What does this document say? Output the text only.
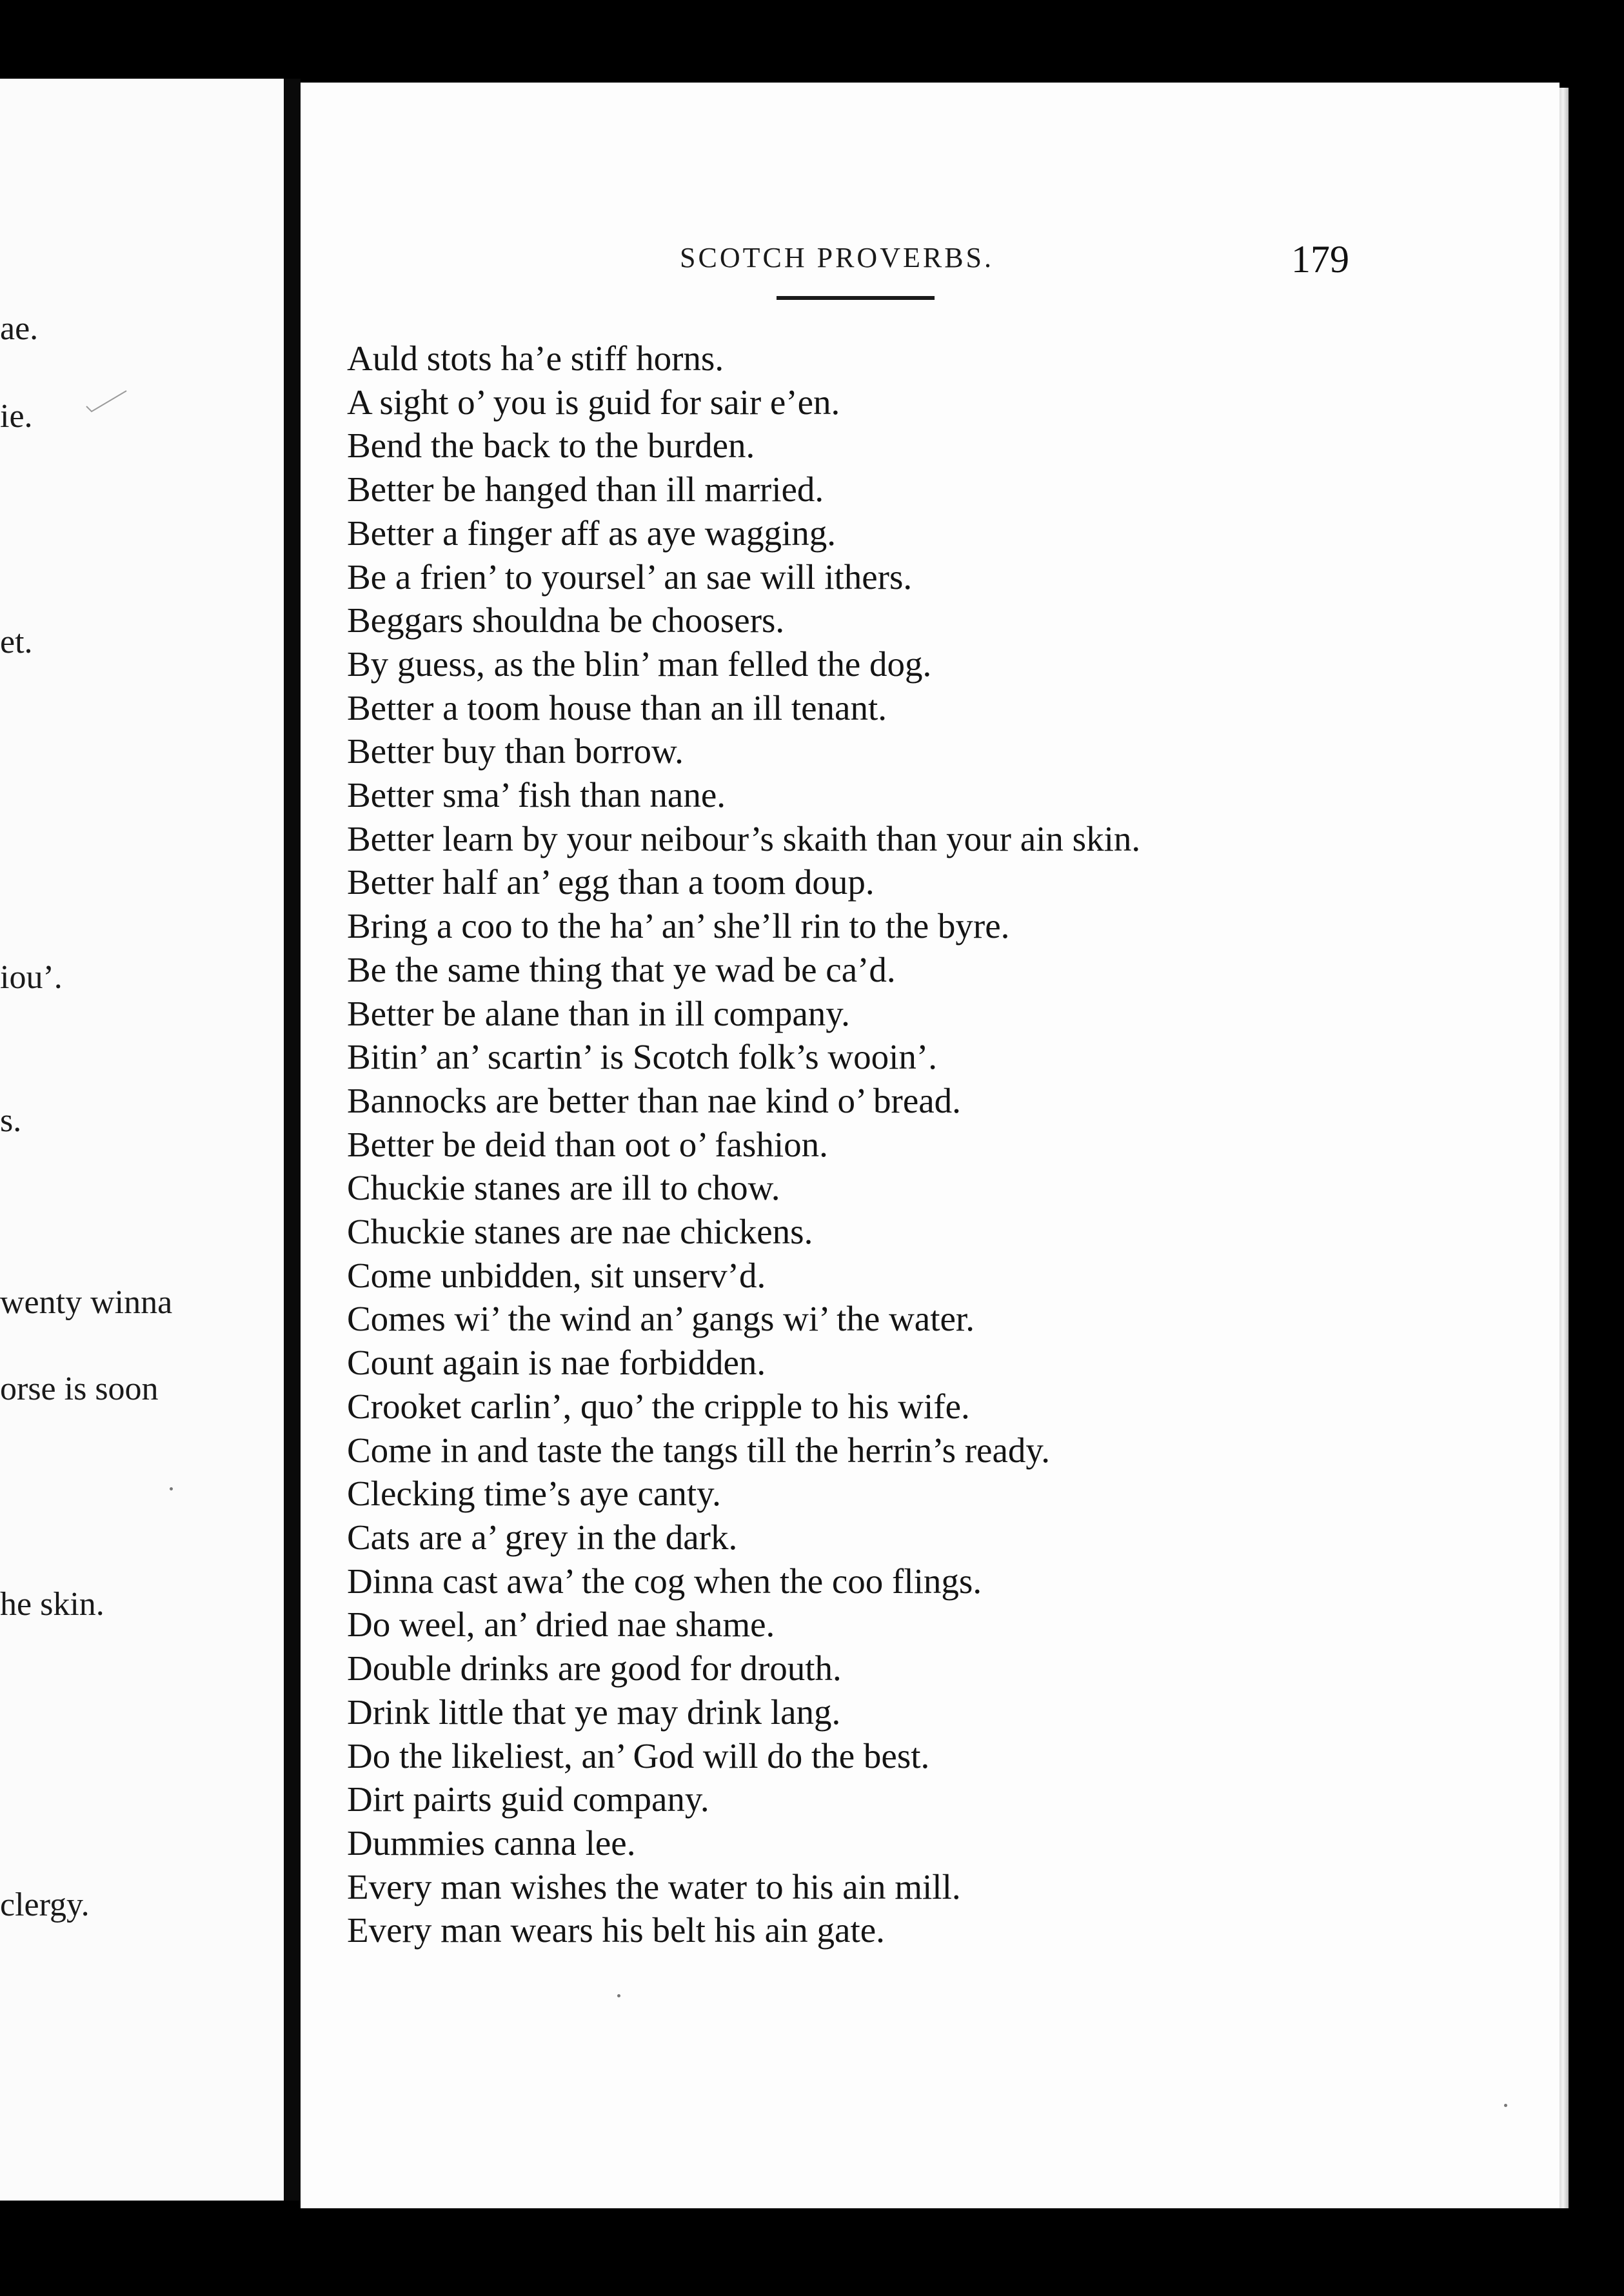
ae.

ie.

et.

iou’.

s.

wenty winna

orse is soon

he skin.

clergy.

SCOTCH PROVERBS.	179
Auld stots ha’e stiff horns.
A sight o’ you is guid for sair e’en.
Bend the back to the burden.
Better be hanged than ill married.
Better a finger aff as aye wagging.
Be a frien’ to yoursel’ an sae will ithers.
Beggars shouldna be choosers.
By guess, as the blin’ man felled the dog.
Better a toom house than an ill tenant.
Better buy than borrow.
Better sma’ fish than nane.
Better learn by your neibour’s skaith than your ain skin.
Better half an’ egg than a toom doup.
Bring a coo to the ha’ an’ she’ll rin to the byre.
Be the same thing that ye wad be ca’d.
Better be alane than in ill company.
Bitin’ an’ scartin’ is Scotch folk’s wooin’.
Bannocks are better than nae kind o’ bread.
Better be deid than oot o’ fashion.
Chuckie stanes are ill to chow.
Chuckie stanes are nae chickens.
Come unbidden, sit unserv’d.
Comes wi’ the wind an’ gangs wi’ the water.
Count again is nae forbidden.
Crooket carlin’, quo’ the cripple to his wife.
Come in and taste the tangs till the herrin’s ready.
Clecking time’s aye canty.
Cats are a’ grey in the dark.
Dinna cast awa’ the cog when the coo flings.
Do weel, an’ dried nae shame.
Double drinks are good for drouth.
Drink little that ye may drink lang.
Do the likeliest, an’ God will do the best.
Dirt pairts guid company.
Dummies canna lee.
Every man wishes the water to his ain mill.
Every man wears his belt his ain gate.
